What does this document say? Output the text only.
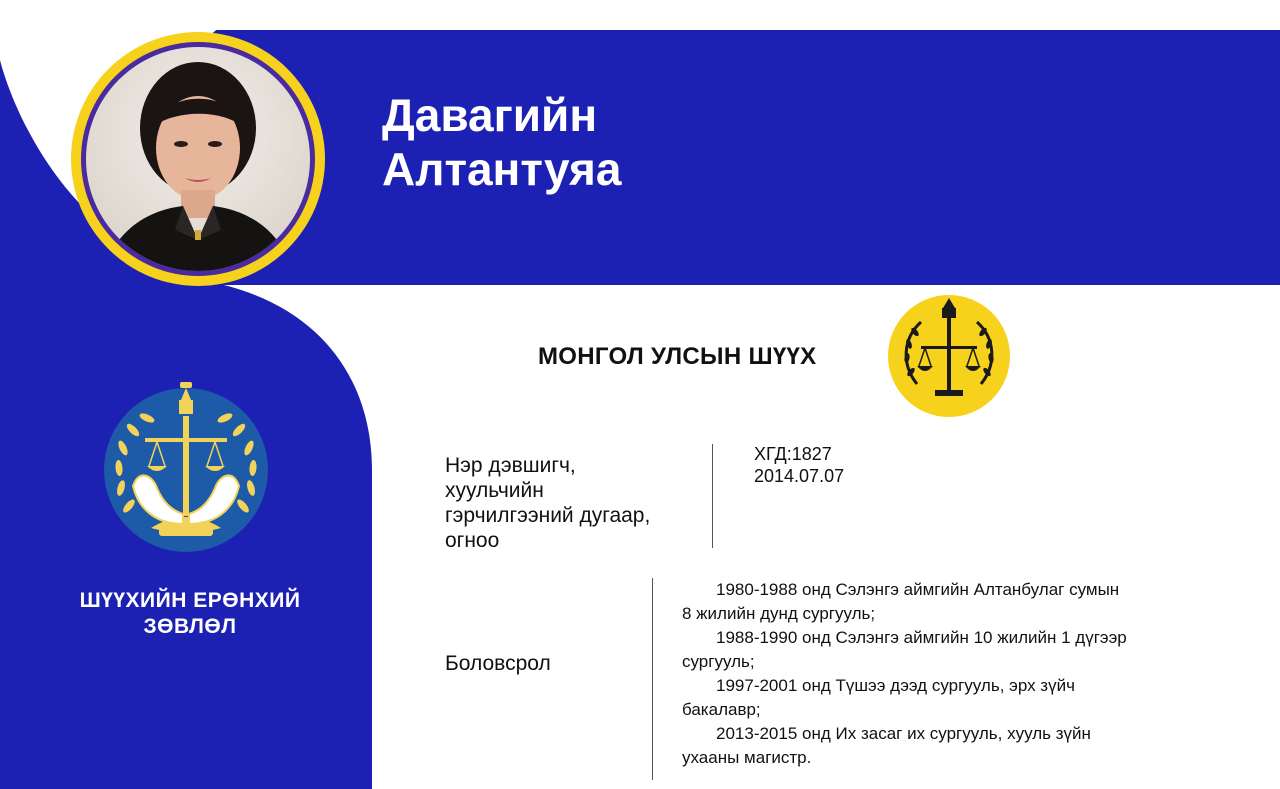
Давагийн
Алтантуяа
МОНГОЛ УЛСЫН ШҮҮХ
ШҮҮХИЙН ЕРӨНХИЙ
ЗӨВЛӨЛ
Нэр дэвшигч,
хуульчийн
гэрчилгээний дугаар,
огноо
ХГД:1827
2014.07.07
Боловсрол

1980-1988 онд Сэлэнгэ аймгийн Алтанбулаг сумын

8 жилийн дунд сургууль;

1988-1990 онд Сэлэнгэ аймгийн 10 жилийн 1 дүгээр

сургууль;

1997-2001 онд Түшээ дээд сургууль, эрх зүйч

бакалавр;

2013-2015 онд Их засаг их сургууль, хууль зүйн

ухааны магистр.
